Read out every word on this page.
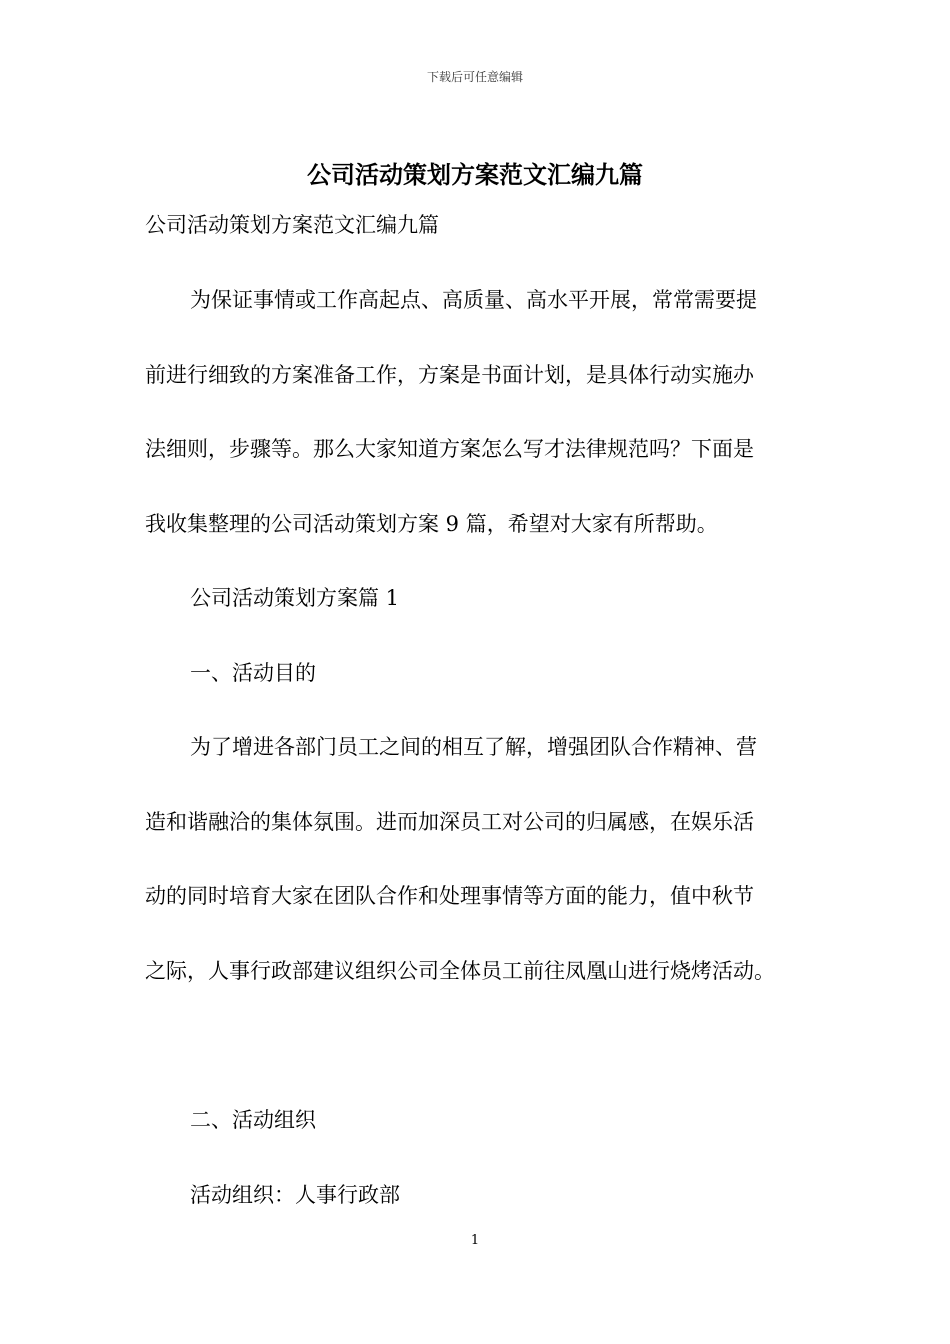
下载后可任意编辑
公司活动策划方案范文汇编九篇
公司活动策划方案范文汇编九篇
为保证事情或工作高起点、高质量、高水平开展，常常需要提
前进行细致的方案准备工作，方案是书面计划，是具体行动实施办
法细则，步骤等。那么大家知道方案怎么写才法律规范吗？下面是
我收集整理的公司活动策划方案 9 篇，希望对大家有所帮助。
公司活动策划方案篇 1
一、活动目的
为了增进各部门员工之间的相互了解，增强团队合作精神、营
造和谐融洽的集体氛围。进而加深员工对公司的归属感，在娱乐活
动的同时培育大家在团队合作和处理事情等方面的能力，值中秋节
之际，人事行政部建议组织公司全体员工前往凤凰山进行烧烤活动。
二、活动组织
活动组织：人事行政部
1
